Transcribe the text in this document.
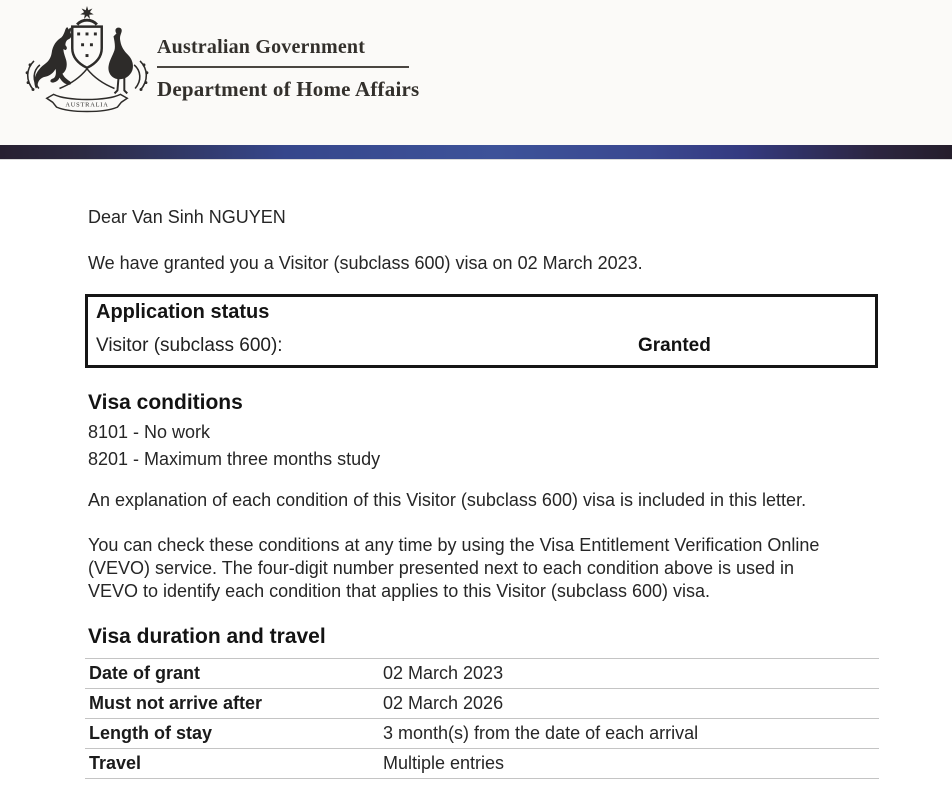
AUSTRALIA
Australian Government
Department of Home Affairs
Dear Van Sinh NGUYEN
We have granted you a Visitor (subclass 600) visa on 02 March 2023.
Application status
Visitor (subclass 600):	Granted
Visa conditions
8101 - No work
8201 - Maximum three months study
An explanation of each condition of this Visitor (subclass 600) visa is included in this letter.
You can check these conditions at any time by using the Visa Entitlement Verification Online
(VEVO) service. The four-digit number presented next to each condition above is used in
VEVO to identify each condition that applies to this Visitor (subclass 600) visa.
Visa duration and travel
Date of grant	02 March 2023
Must not arrive after	02 March 2026
Length of stay	3 month(s) from the date of each arrival
Travel	Multiple entries
